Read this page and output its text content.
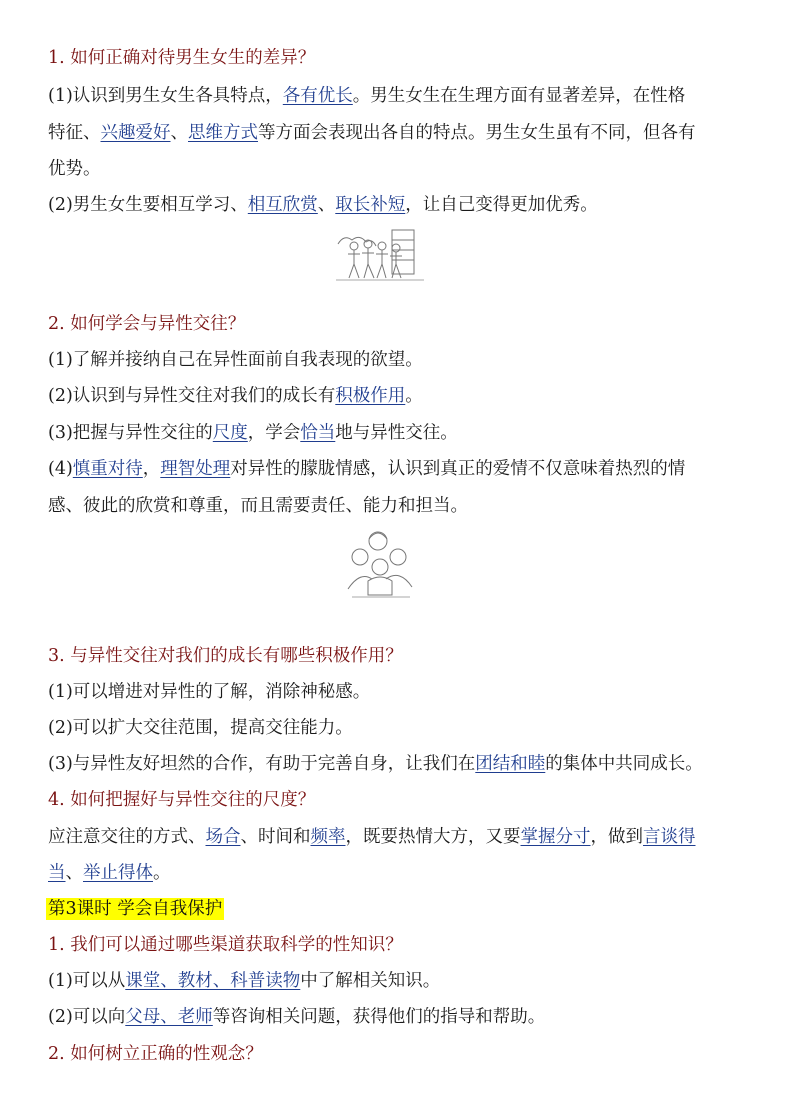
1. 如何正确对待男生女生的差异？
(1)认识到男生女生各具特点，各有优长。男生女生在生理方面有显著差异，在性格
特征、兴趣爱好、思维方式等方面会表现出各自的特点。男生女生虽有不同，但各有
优势。
(2)男生女生要相互学习、相互欣赏、取长补短，让自己变得更加优秀。
2. 如何学会与异性交往？
(1)了解并接纳自己在异性面前自我表现的欲望。
(2)认识到与异性交往对我们的成长有积极作用。
(3)把握与异性交往的尺度，学会恰当地与异性交往。
(4)慎重对待，理智处理对异性的朦胧情感，认识到真正的爱情不仅意味着热烈的情
感、彼此的欣赏和尊重，而且需要责任、能力和担当。
3. 与异性交往对我们的成长有哪些积极作用？
(1)可以增进对异性的了解，消除神秘感。
(2)可以扩大交往范围，提高交往能力。
(3)与异性友好坦然的合作，有助于完善自身，让我们在团结和睦的集体中共同成长。
4. 如何把握好与异性交往的尺度？
应注意交往的方式、场合、时间和频率，既要热情大方，又要掌握分寸，做到言谈得
当、举止得体。
第3课时 学会自我保护
1. 我们可以通过哪些渠道获取科学的性知识？
(1)可以从课堂、教材、科普读物中了解相关知识。
(2)可以向父母、老师等咨询相关问题，获得他们的指导和帮助。
2. 如何树立正确的性观念？
